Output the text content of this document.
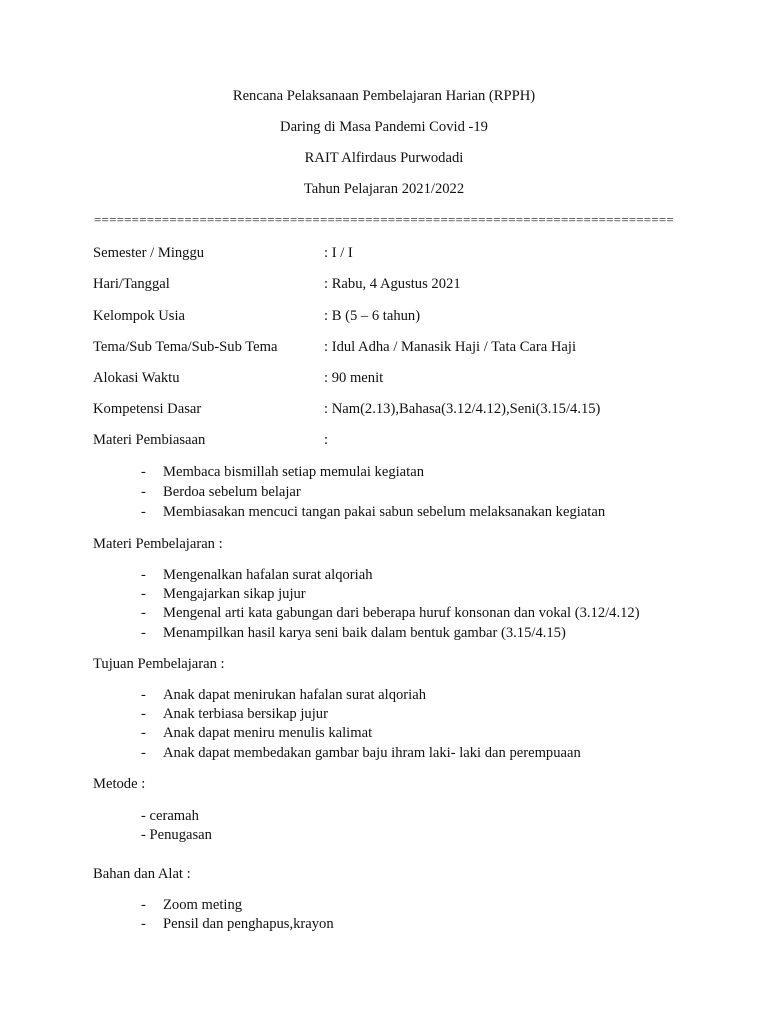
Rencana Pelaksanaan Pembelajaran Harian (RPPH)
Daring di Masa Pandemi Covid -19
RAIT Alfirdaus Purwodadi
Tahun Pelajaran 2021/2022
=============================================================================
Semester / Minggu	: I / I
Hari/Tanggal	: Rabu, 4 Agustus 2021
Kelompok Usia	: B (5 – 6 tahun)
Tema/Sub Tema/Sub-Sub Tema	: Idul Adha / Manasik Haji / Tata Cara Haji
Alokasi Waktu	: 90 menit
Kompetensi Dasar	: Nam(2.13),Bahasa(3.12/4.12),Seni(3.15/4.15)
Materi Pembiasaan	:
- Membaca bismillah setiap memulai kegiatan
- Berdoa sebelum belajar
- Membiasakan mencuci tangan pakai sabun sebelum melaksanakan kegiatan
Materi Pembelajaran :
- Mengenalkan hafalan surat alqoriah
- Mengajarkan sikap jujur
- Mengenal arti kata gabungan dari beberapa huruf konsonan dan vokal (3.12/4.12)
- Menampilkan hasil karya seni baik dalam bentuk gambar (3.15/4.15)
Tujuan Pembelajaran :
- Anak dapat menirukan hafalan surat alqoriah
- Anak terbiasa bersikap jujur
- Anak dapat meniru menulis kalimat
- Anak dapat membedakan gambar baju ihram laki- laki dan perempuaan
Metode :
- ceramah
- Penugasan
Bahan dan Alat :
- Zoom meting
- Pensil dan penghapus,krayon
